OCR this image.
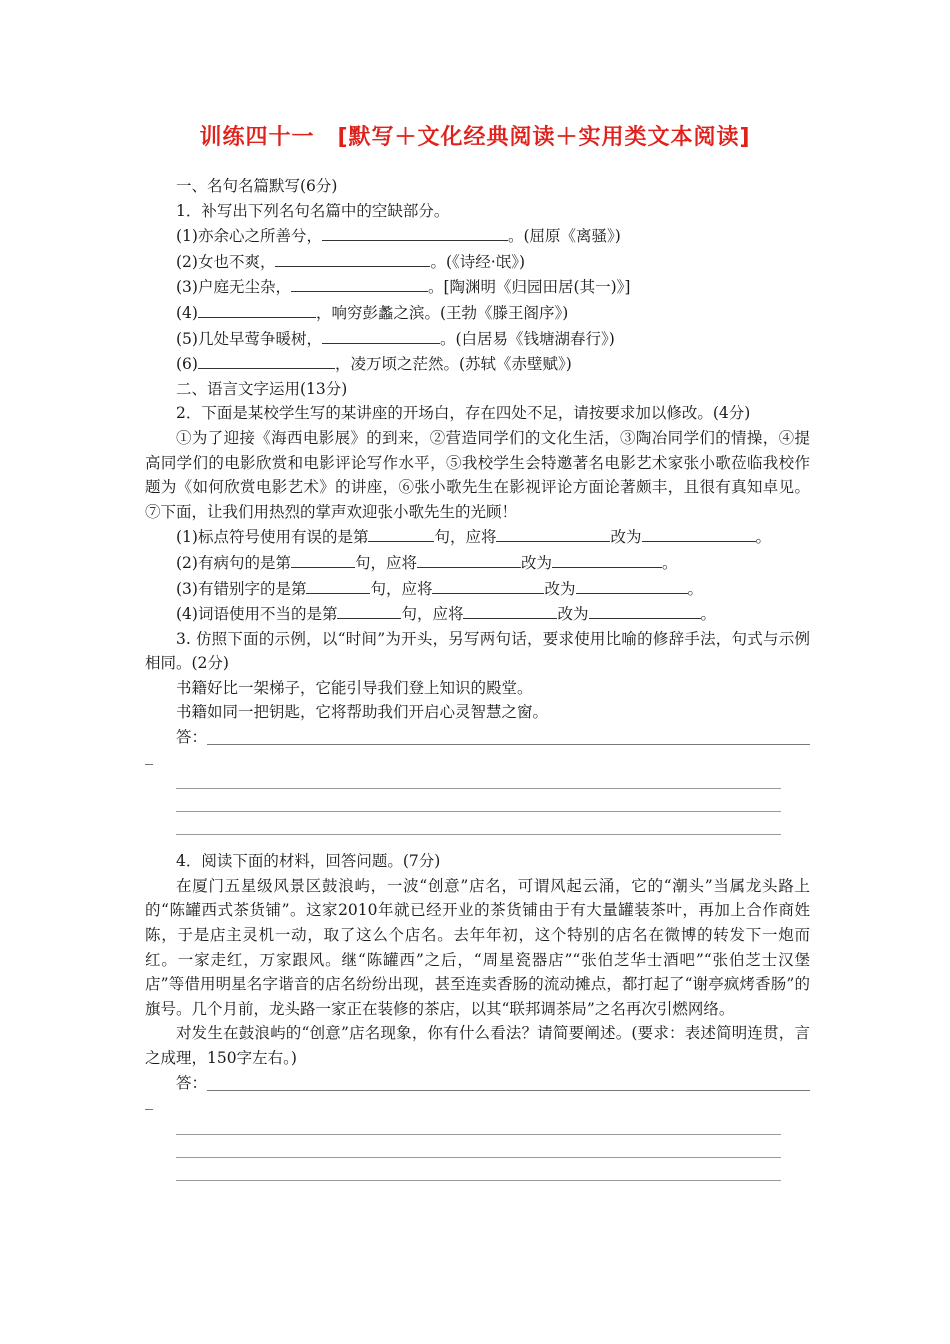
训练四十一　[默写＋文化经典阅读＋实用类文本阅读]
一、名句名篇默写(6分)
1．补写出下列名句名篇中的空缺部分。
(1)亦余心之所善兮，	。(屈原《离骚》)
(2)女也不爽，	。(《诗经·氓》)
(3)户庭无尘杂，	。[陶渊明《归园田居(其一)》]
(4)	，响穷彭蠡之滨。(王勃《滕王阁序》)
(5)几处早莺争暖树，	。(白居易《钱塘湖春行》)
(6)	，凌万顷之茫然。(苏轼《赤壁赋》)
二、语言文字运用(13分)
2．下面是某校学生写的某讲座的开场白，存在四处不足，请按要求加以修改。(4分)
①为了迎接《海西电影展》的到来，②营造同学们的文化生活，③陶冶同学们的情操，④提高同学们的电影欣赏和电影评论写作水平，⑤我校学生会特邀著名电影艺术家张小歌莅临我校作题为《如何欣赏电影艺术》的讲座，⑥张小歌先生在影视评论方面论著颇丰，且很有真知卓见。⑦下面，让我们用热烈的掌声欢迎张小歌先生的光顾！
(1)标点符号使用有误的是第	句，应将	改为	。
(2)有病句的是第	句，应将	改为	。
(3)有错别字的是第	句，应将	改为	。
(4)词语使用不当的是第	句，应将	改为	。
3. 仿照下面的示例，以“时间”为开头，另写两句话，要求使用比喻的修辞手法，句式与示例相同。(2分)
书籍好比一架梯子，它能引导我们登上知识的殿堂。
书籍如同一把钥匙，它将帮助我们开启心灵智慧之窗。
答：
4．阅读下面的材料，回答问题。(7分)
在厦门五星级风景区鼓浪屿，一波“创意”店名，可谓风起云涌，它的“潮头”当属龙头路上的“陈罐西式茶货铺”。这家2010年就已经开业的茶货铺由于有大量罐装茶叶，再加上合作商姓陈，于是店主灵机一动，取了这么个店名。去年年初，这个特别的店名在微博的转发下一炮而红。一家走红，万家跟风。继“陈罐西”之后，“周星瓷器店”“张伯芝华士酒吧”“张伯芝士汉堡店”等借用明星名字谐音的店名纷纷出现，甚至连卖香肠的流动摊点，都打起了“谢亭疯烤香肠”的旗号。几个月前，龙头路一家正在装修的茶店，以其“联邦调茶局”之名再次引燃网络。
对发生在鼓浪屿的“创意”店名现象，你有什么看法？请简要阐述。(要求：表述简明连贯，言之成理，150字左右。)
答：
